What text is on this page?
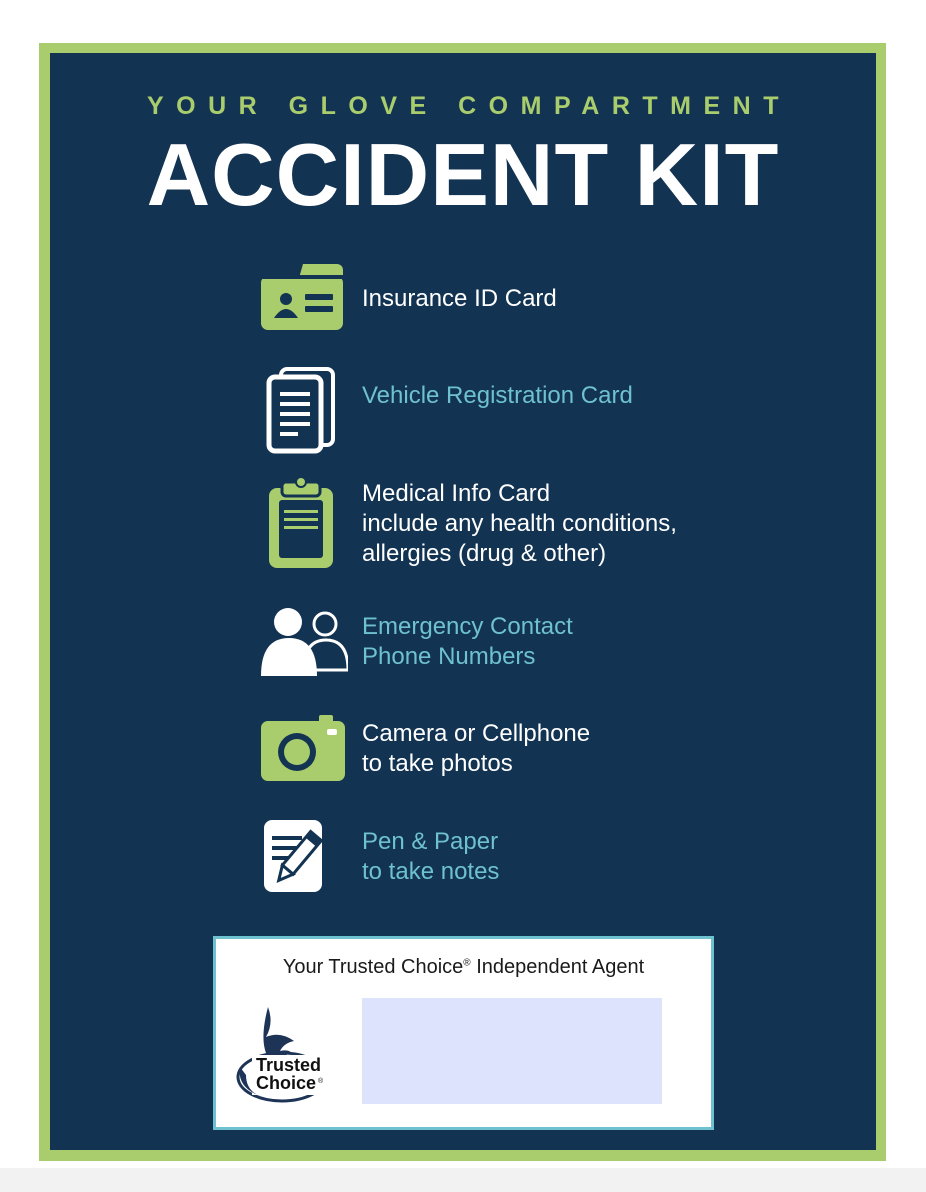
YOUR GLOVE COMPARTMENT
ACCIDENT KIT
Insurance ID Card
Vehicle Registration Card
Medical Info Card
include any health conditions,
allergies (drug & other)
Emergency Contact
Phone Numbers
Camera or Cellphone
to take photos
Pen & Paper
to take notes
Your Trusted Choice® Independent Agent
Trusted
Choice ®
